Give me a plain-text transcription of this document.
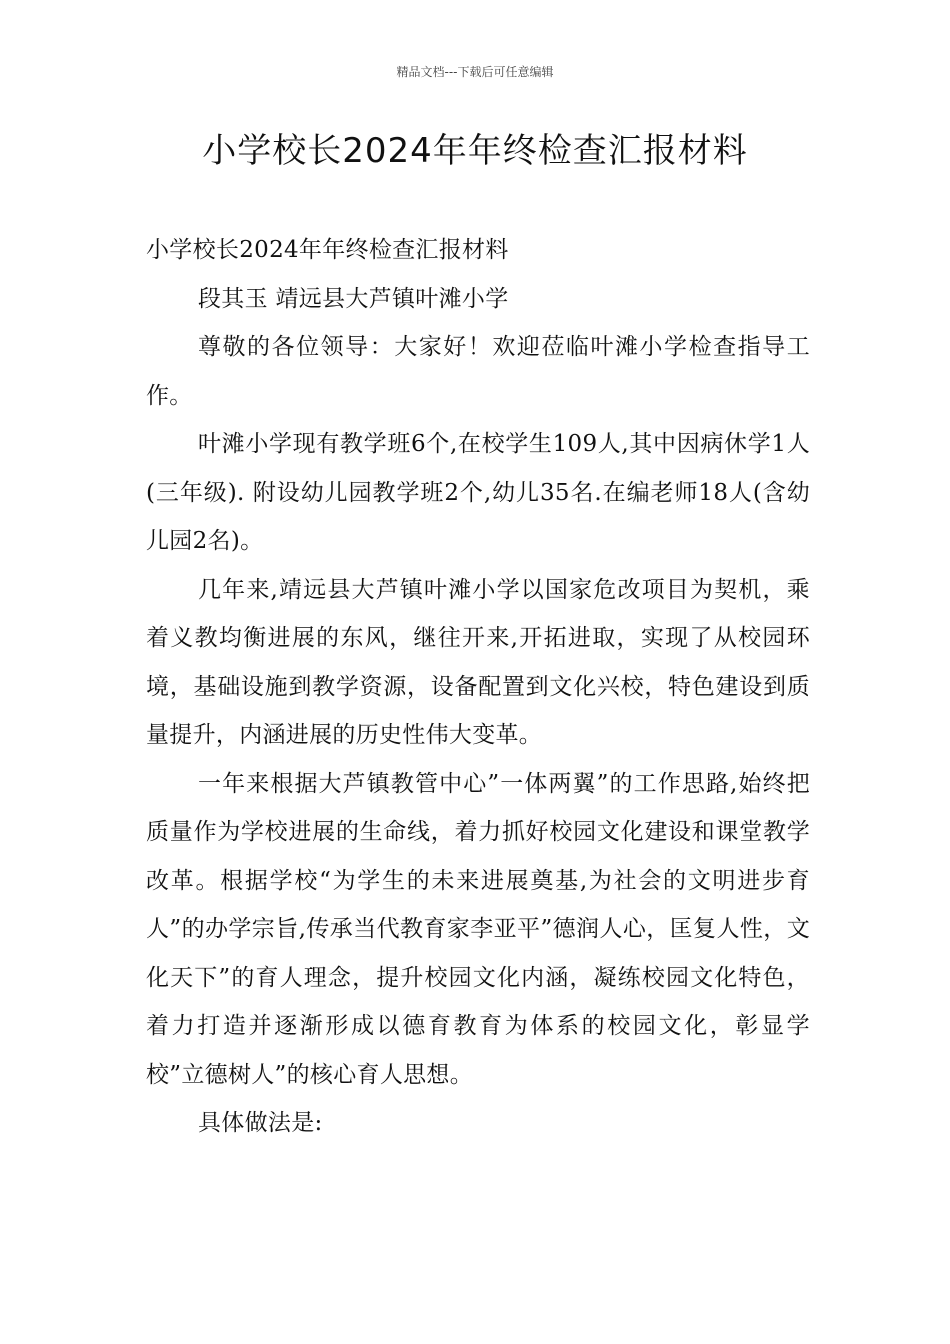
精品文档---下载后可任意编辑
小学校长2024年年终检查汇报材料

小学校长2024年年终检查汇报材料

段其玉 靖远县大芦镇叶滩小学

尊敬的各位领导：大家好！欢迎莅临叶滩小学检查指导工作。

叶滩小学现有教学班6个,在校学生109人,其中因病休学1人(三年级). 附设幼儿园教学班2个,幼儿35名.在编老师18人(含幼儿园2名)。

几年来,靖远县大芦镇叶滩小学以国家危改项目为契机，乘着义教均衡进展的东风，继往开来,开拓进取，实现了从校园环境，基础设施到教学资源，设备配置到文化兴校，特色建设到质量提升，内涵进展的历史性伟大变革。

一年来根据大芦镇教管中心”一体两翼”的工作思路,始终把质量作为学校进展的生命线，着力抓好校园文化建设和课堂教学改革。根据学校“为学生的未来进展奠基,为社会的文明进步育人”的办学宗旨,传承当代教育家李亚平”德润人心，匡复人性，文化天下”的育人理念，提升校园文化内涵，凝练校园文化特色，着力打造并逐渐形成以德育教育为体系的校园文化，彰显学校”立德树人”的核心育人思想。

具体做法是:
